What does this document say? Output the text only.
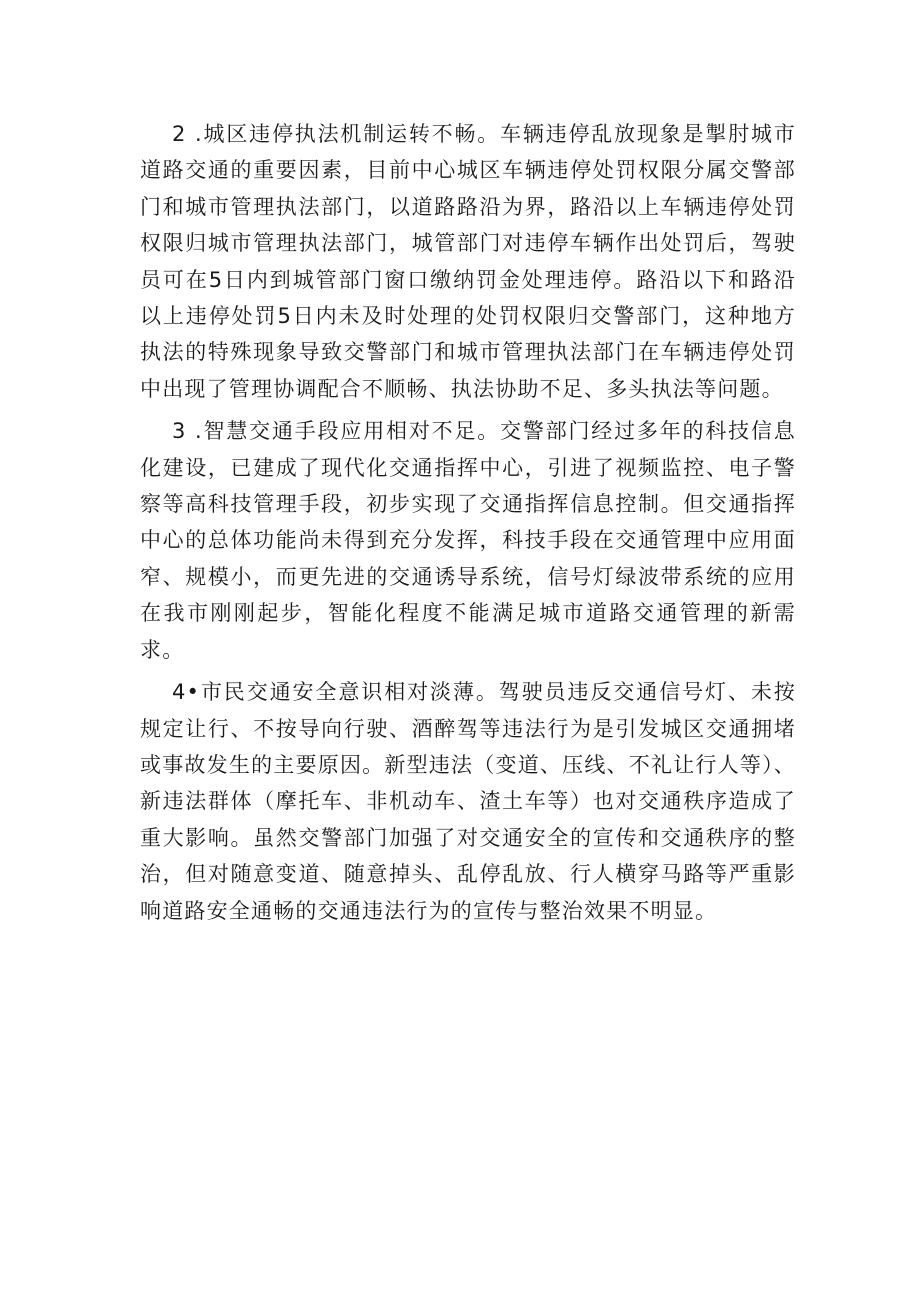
2 .城区违停执法机制运转不畅。车辆违停乱放现象是掣肘城市道路交通的重要因素，目前中心城区车辆违停处罚权限分属交警部门和城市管理执法部门，以道路路沿为界，路沿以上车辆违停处罚权限归城市管理执法部门，城管部门对违停车辆作出处罚后，驾驶员可在5日内到城管部门窗口缴纳罚金处理违停。路沿以下和路沿以上违停处罚5日内未及时处理的处罚权限归交警部门，这种地方执法的特殊现象导致交警部门和城市管理执法部门在车辆违停处罚中出现了管理协调配合不顺畅、执法协助不足、多头执法等问题。

3 .智慧交通手段应用相对不足。交警部门经过多年的科技信息化建设，已建成了现代化交通指挥中心，引进了视频监控、电子警察等高科技管理手段，初步实现了交通指挥信息控制。但交通指挥中心的总体功能尚未得到充分发挥，科技手段在交通管理中应用面窄、规模小，而更先进的交通诱导系统，信号灯绿波带系统的应用在我市刚刚起步，智能化程度不能满足城市道路交通管理的新需求。

4•市民交通安全意识相对淡薄。驾驶员违反交通信号灯、未按规定让行、不按导向行驶、酒醉驾等违法行为是引发城区交通拥堵或事故发生的主要原因。新型违法（变道、压线、不礼让行人等）、新违法群体（摩托车、非机动车、渣土车等）也对交通秩序造成了重大影响。虽然交警部门加强了对交通安全的宣传和交通秩序的整治，但对随意变道、随意掉头、乱停乱放、行人横穿马路等严重影响道路安全通畅的交通违法行为的宣传与整治效果不明显。
